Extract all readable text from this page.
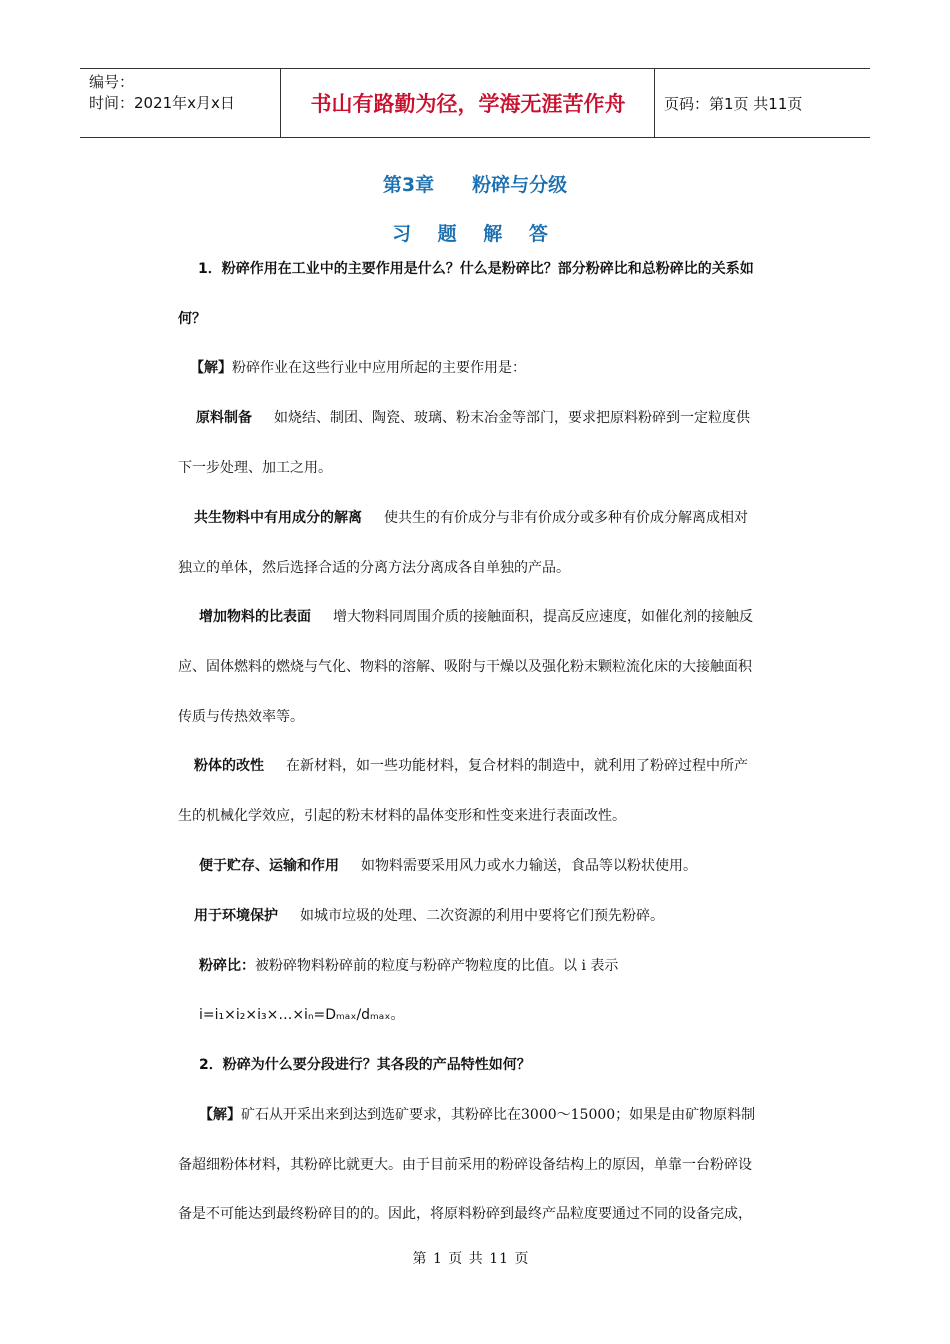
编号：
时间：2021年x月x日	书山有路勤为径，学海无涯苦作舟	页码：第1页 共11页
第3章 粉碎与分级
习 题 解 答
1．粉碎作用在工业中的主要作用是什么？什么是粉碎比？部分粉碎比和总粉碎比的关系如
何？
【解】粉碎作业在这些行业中应用所起的主要作用是：
原料制备 如烧结、制团、陶瓷、玻璃、粉末冶金等部门，要求把原料粉碎到一定粒度供
下一步处理、加工之用。
共生物料中有用成分的解离 使共生的有价成分与非有价成分或多种有价成分解离成相对
独立的单体，然后选择合适的分离方法分离成各自单独的产品。
增加物料的比表面 增大物料同周围介质的接触面积，提高反应速度，如催化剂的接触反
应、固体燃料的燃烧与气化、物料的溶解、吸附与干燥以及强化粉末颗粒流化床的大接触面积
传质与传热效率等。
粉体的改性 在新材料，如一些功能材料，复合材料的制造中，就利用了粉碎过程中所产
生的机械化学效应，引起的粉末材料的晶体变形和性变来进行表面改性。
便于贮存、运输和作用 如物料需要采用风力或水力输送，食品等以粉状使用。
用于环境保护 如城市垃圾的处理、二次资源的利用中要将它们预先粉碎。
粉碎比：被粉碎物料粉碎前的粒度与粉碎产物粒度的比值。以 i 表示
i=i₁×i₂×i₃×…×iₙ=Dₘₐₓ/dₘₐₓ。
2．粉碎为什么要分段进行？其各段的产品特性如何？
【解】矿石从开采出来到达到选矿要求，其粉碎比在3000～15000；如果是由矿物原料制
备超细粉体材料，其粉碎比就更大。由于目前采用的粉碎设备结构上的原因，单靠一台粉碎设
备是不可能达到最终粉碎目的的。因此，将原料粉碎到最终产品粒度要通过不同的设备完成，
第 1 页 共 11 页
